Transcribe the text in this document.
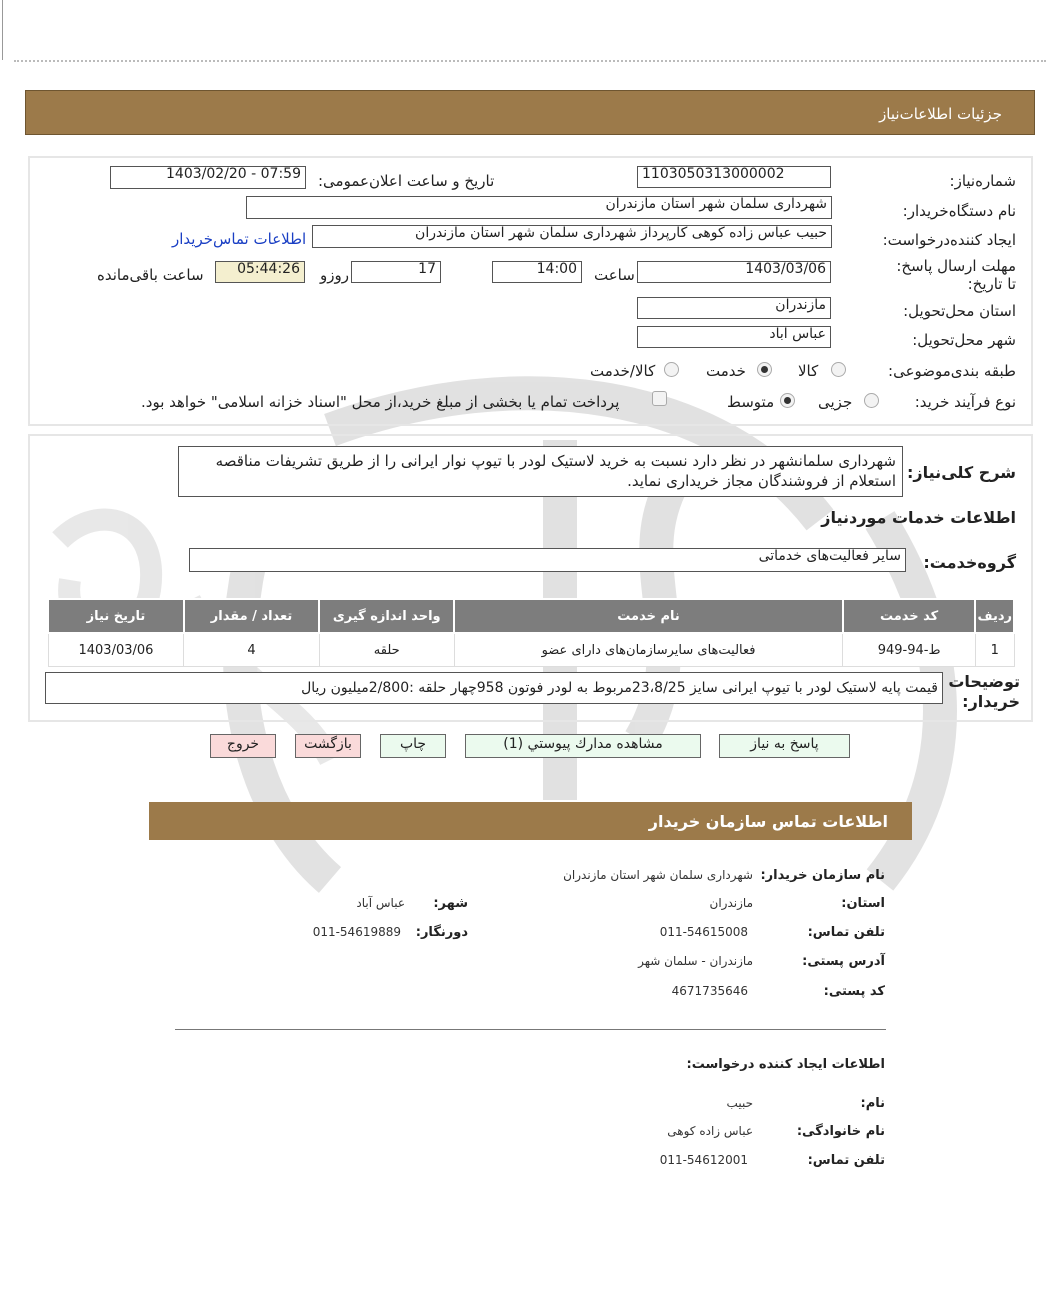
جزئیات اطلاعات‌نیاز
شماره‌نیاز:
1103050313000002
تاریخ و ساعت اعلان‌عمومی:
1403/02/20 - 07:59
نام دستگاه‌خریدار:
شهرداری سلمان شهر استان مازندران
ایجاد کننده‌درخواست:
حبیب عباس زاده کوهی کارپرداز شهرداری سلمان شهر استان مازندران
اطلاعات تماس‌خریدار
مهلت ارسال پاسخ: تا تاریخ:
1403/03/06
ساعت
14:00
17
روزو
05:44:26
ساعت باقی‌مانده
استان محل‌تحویل:
مازندران
شهر محل‌تحویل:
عباس آباد
طبقه بندی‌موضوعی:
کالا
خدمت
کالا/خدمت
نوع فرآیند خرید:
جزیی
متوسط
پرداخت تمام یا بخشی از مبلغ خرید،از محل "اسناد خزانه اسلامی" خواهد بود.
شرح کلی‌نیاز:
شهرداری سلمانشهر در نظر دارد نسبت به خرید لاستیک لودر با تیوپ نوار ایرانی را از طریق تشریفات مناقصه استعلام از فروشندگان مجاز خریداری نماید.
اطلاعات خدمات موردنیاز
گروه‌خدمت:
سایر فعالیت‌های خدماتی
ردیف	کد خدمت	نام خدمت	واحد اندازه گیری	تعداد / مقدار	تاریخ نیاز
1	ط-94-949	فعالیت‌های سایرسازمان‌های دارای عضو	حلقه	4	1403/03/06
توضیحات خریدار:
قیمت پایه لاستیک لودر با تیوپ ایرانی سایز 23،8/25مربوط به لودر فوتون 958چهار حلقه :2/800میلیون ریال
پاسخ به نیاز
مشاهده مدارك پيوستي (1)
چاپ
بازگشت
خروج
اطلاعات تماس سازمان خریدار
نام سازمان خریدار:
شهرداری سلمان شهر استان مازندران
استان:
مازندران
شهر:
عباس آباد
تلفن تماس:
011-54615008
دورنگار:
011-54619889
آدرس پستی:
مازندران - سلمان شهر
کد پستی:
4671735646
اطلاعات ایجاد کننده درخواست:
نام:
حبیب
نام خانوادگی:
عباس زاده کوهی
تلفن تماس:
011-54612001
